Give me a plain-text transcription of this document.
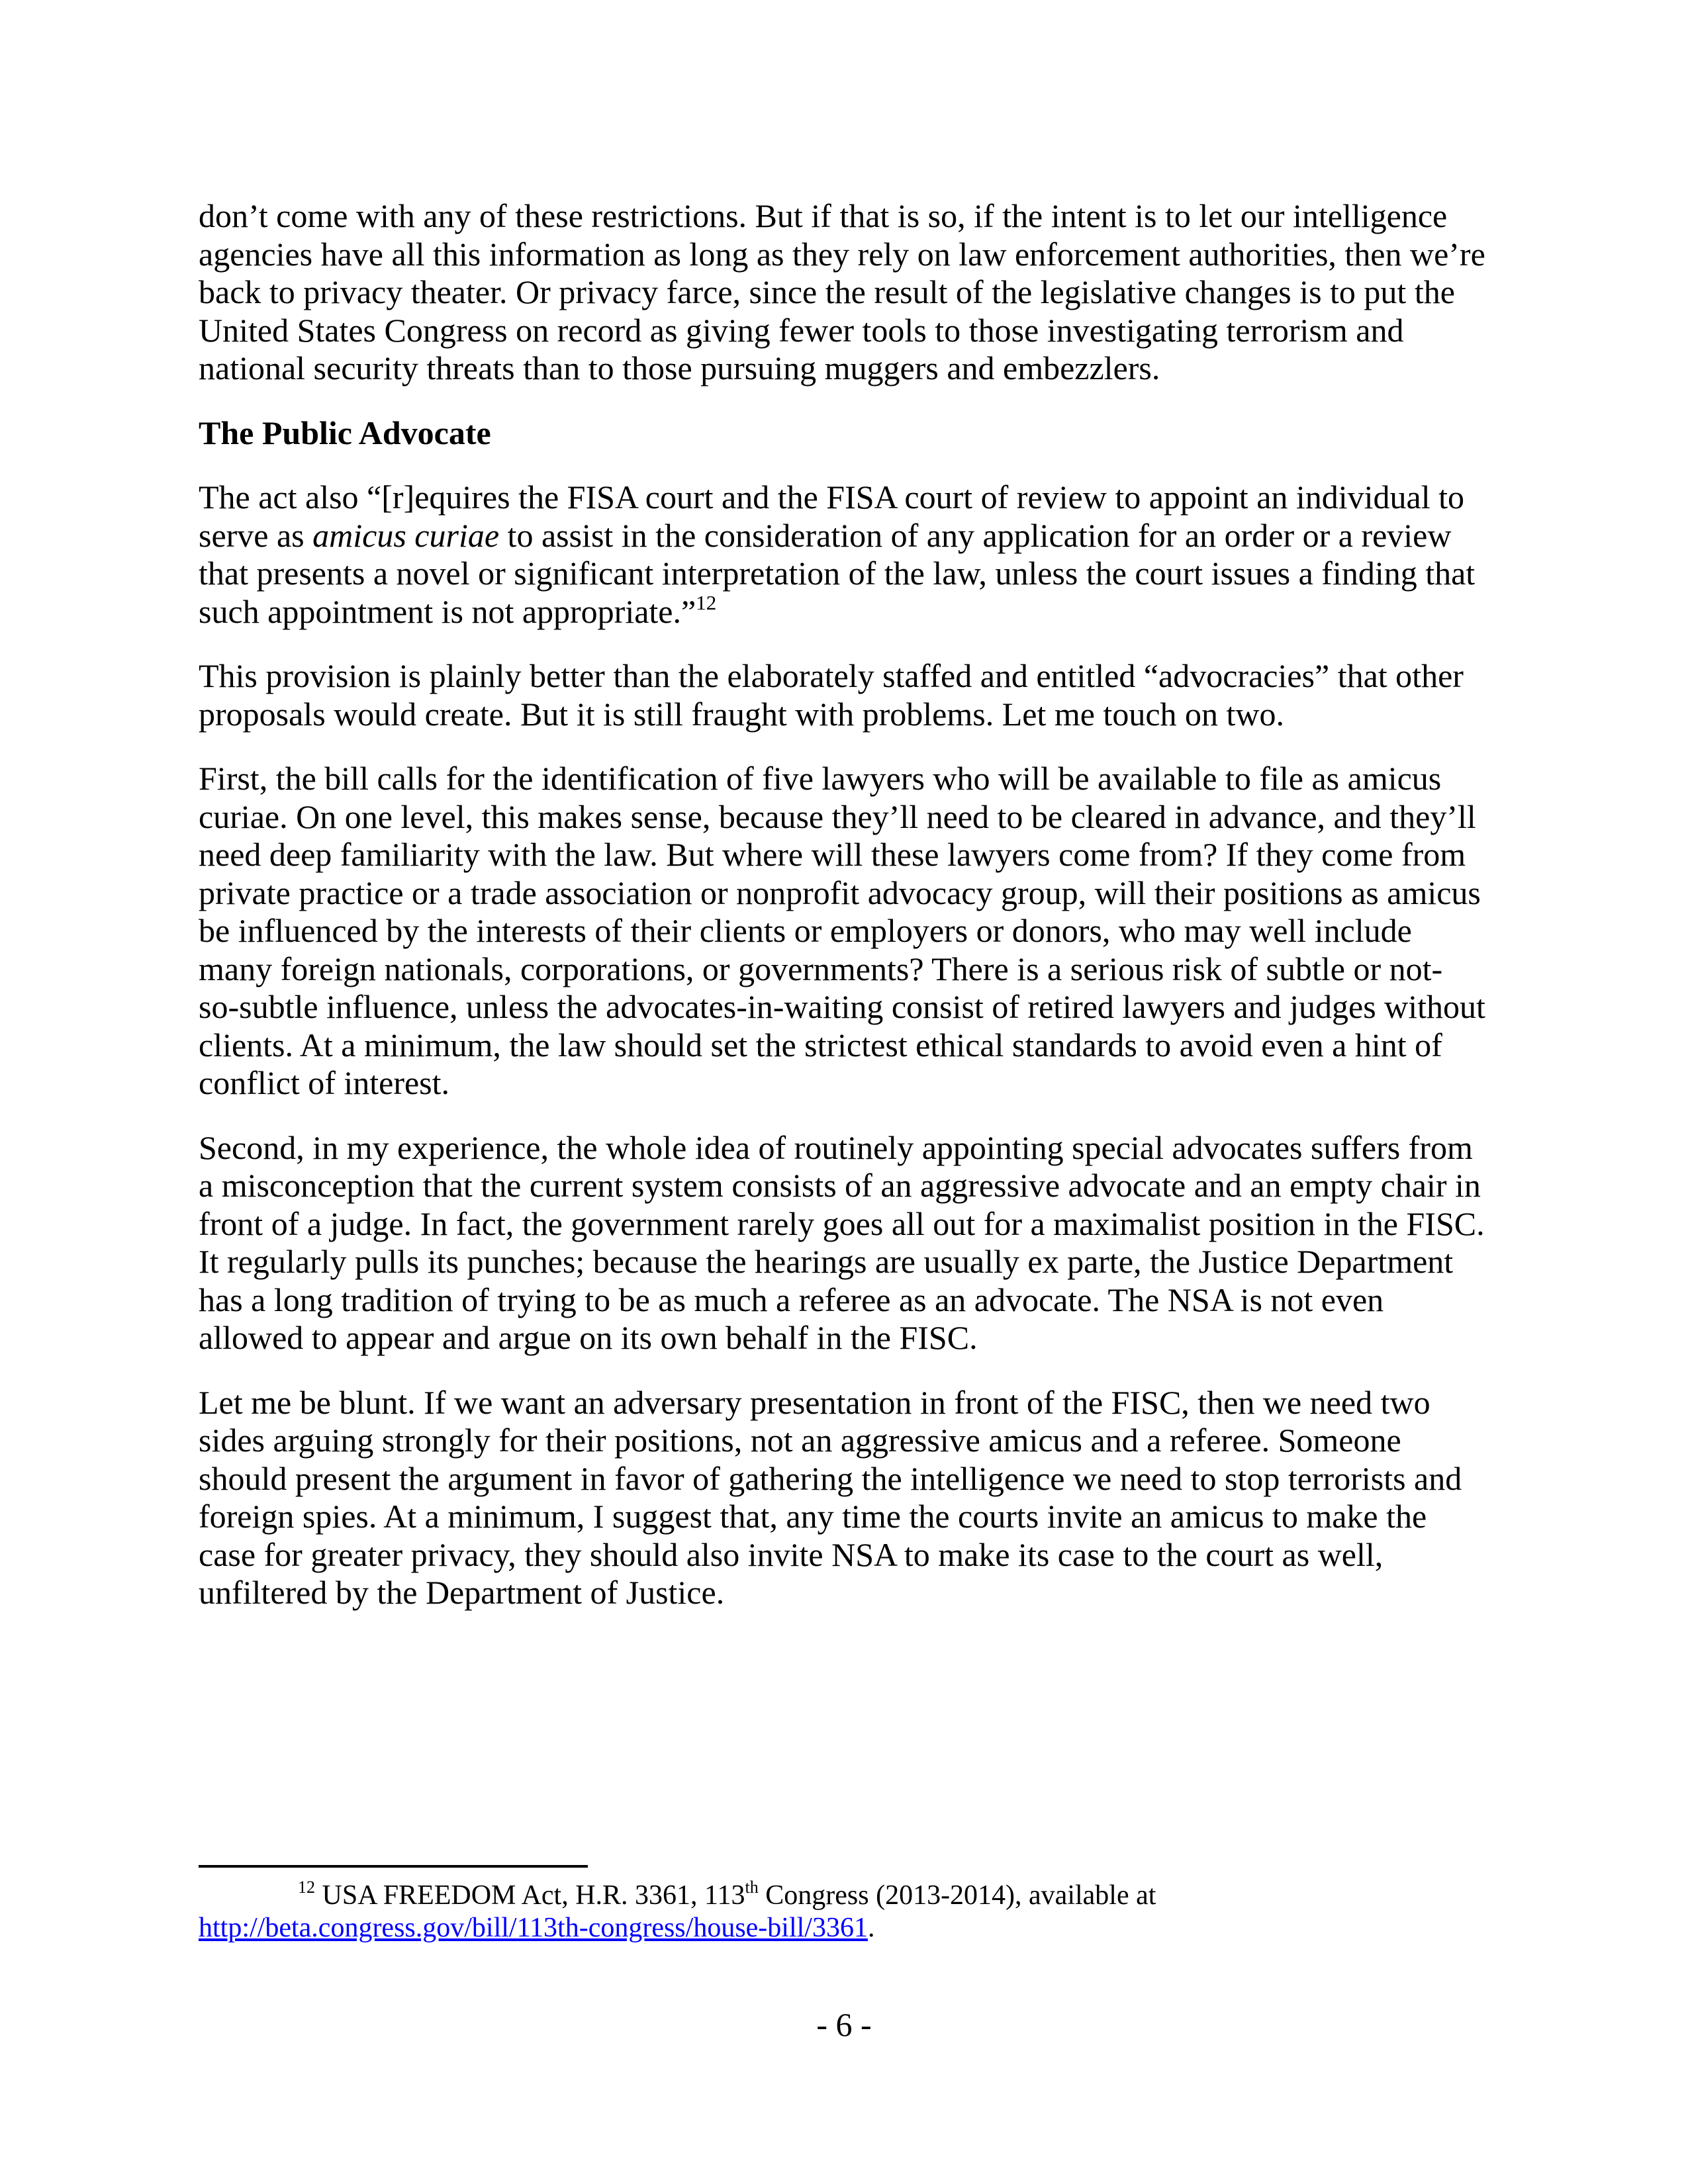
don’t come with any of these restrictions. But if that is so, if the intent is to let our intelligence
agencies have all this information as long as they rely on law enforcement authorities, then we’re
back to privacy theater. Or privacy farce, since the result of the legislative changes is to put the
United States Congress on record as giving fewer tools to those investigating terrorism and
national security threats than to those pursuing muggers and embezzlers.

The Public Advocate

The act also “[r]equires the FISA court and the FISA court of review to appoint an individual to
serve as amicus curiae to assist in the consideration of any application for an order or a review
that presents a novel or significant interpretation of the law, unless the court issues a finding that
such appointment is not appropriate.”$^{12}$

This provision is plainly better than the elaborately staffed and entitled “advocracies” that other
proposals would create. But it is still fraught with problems. Let me touch on two.

First, the bill calls for the identification of five lawyers who will be available to file as amicus
curiae. On one level, this makes sense, because they’ll need to be cleared in advance, and they’ll
need deep familiarity with the law. But where will these lawyers come from? If they come from
private practice or a trade association or nonprofit advocacy group, will their positions as amicus
be influenced by the interests of their clients or employers or donors, who may well include
many foreign nationals, corporations, or governments? There is a serious risk of subtle or not-
so-subtle influence, unless the advocates-in-waiting consist of retired lawyers and judges without
clients. At a minimum, the law should set the strictest ethical standards to avoid even a hint of
conflict of interest.

Second, in my experience, the whole idea of routinely appointing special advocates suffers from
a misconception that the current system consists of an aggressive advocate and an empty chair in
front of a judge. In fact, the government rarely goes all out for a maximalist position in the FISC.
It regularly pulls its punches; because the hearings are usually ex parte, the Justice Department
has a long tradition of trying to be as much a referee as an advocate. The NSA is not even
allowed to appear and argue on its own behalf in the FISC.

Let me be blunt. If we want an adversary presentation in front of the FISC, then we need two
sides arguing strongly for their positions, not an aggressive amicus and a referee. Someone
should present the argument in favor of gathering the intelligence we need to stop terrorists and
foreign spies. At a minimum, I suggest that, any time the courts invite an amicus to make the
case for greater privacy, they should also invite NSA to make its case to the court as well,
unfiltered by the Department of Justice.

$^{12}$ USA FREEDOM Act, H.R. 3361, 113th Congress (2013-2014), available at
http://beta.congress.gov/bill/113th-congress/house-bill/3361.
- 6 -
